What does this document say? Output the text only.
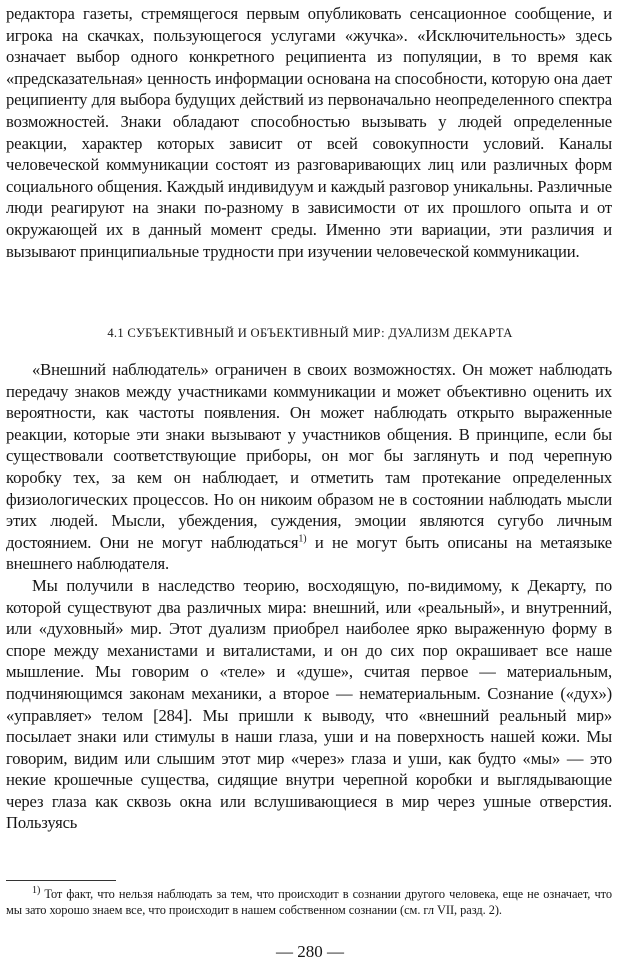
редактора газеты, стремящегося первым опубликовать сенсационное сообщение, и игрока на скачках, пользующегося услугами «жучка». «Исключительность» здесь означает выбор одного конкретного реципиента из популяции, в то время как «предсказательная» ценность информации основана на способности, которую она дает реципиенту для выбора будущих действий из первоначально неопределенного спектра возможностей. Знаки обладают способностью вызывать у людей определенные реакции, характер которых зависит от всей совокупности условий. Каналы человеческой коммуникации состоят из разговаривающих лиц или различных форм социального общения. Каждый индивидуум и каждый разговор уникальны. Различные люди реагируют на знаки по-разному в зависимости от их прошлого опыта и от окружающей их в данный момент среды. Именно эти вариации, эти различия и вызывают принципиальные трудности при изучении человеческой коммуникации.

4.1 СУБЪЕКТИВНЫЙ И ОБЪЕКТИВНЫЙ МИР: ДУАЛИЗМ ДЕКАРТА

«Внешний наблюдатель» ограничен в своих возможностях. Он может наблюдать передачу знаков между участниками коммуникации и может объективно оценить их вероятности, как частоты появления. Он может наблюдать открыто выраженные реакции, которые эти знаки вызывают у участников общения. В принципе, если бы существовали соответствующие приборы, он мог бы заглянуть и под черепную коробку тех, за кем он наблюдает, и отметить там протекание определенных физиологических процессов. Но он никоим образом не в состоянии наблюдать мысли этих людей. Мысли, убеждения, суждения, эмоции являются сугубо личным достоянием. Они не могут наблюдаться$^{1)}$ и не могут быть описаны на метаязыке внешнего наблюдателя.

Мы получили в наследство теорию, восходящую, по-видимому, к Декарту, по которой существуют два различных мира: внешний, или «реальный», и внутренний, или «духовный» мир. Этот дуализм приобрел наиболее ярко выраженную форму в споре между механистами и виталистами, и он до сих пор окрашивает все наше мышление. Мы говорим о «теле» и «душе», считая первое — материальным, подчиняющимся законам механики, а второе — нематериальным. Сознание («дух») «управляет» телом [284]. Мы пришли к выводу, что «внешний реальный мир» посылает знаки или стимулы в наши глаза, уши и на поверхность нашей кожи. Мы говорим, видим или слышим этот мир «через» глаза и уши, как будто «мы» — это некие крошечные существа, сидящие внутри черепной коробки и выглядывающие через глаза как сквозь окна или вслушивающиеся в мир через ушные отверстия. Пользуясь

$^{1)}$ Тот факт, что нельзя наблюдать за тем, что происходит в сознании другого человека, еще не означает, что мы зато хорошо знаем все, что происходит в нашем собственном сознании (см. гл VII, разд. 2).
— 280 —
